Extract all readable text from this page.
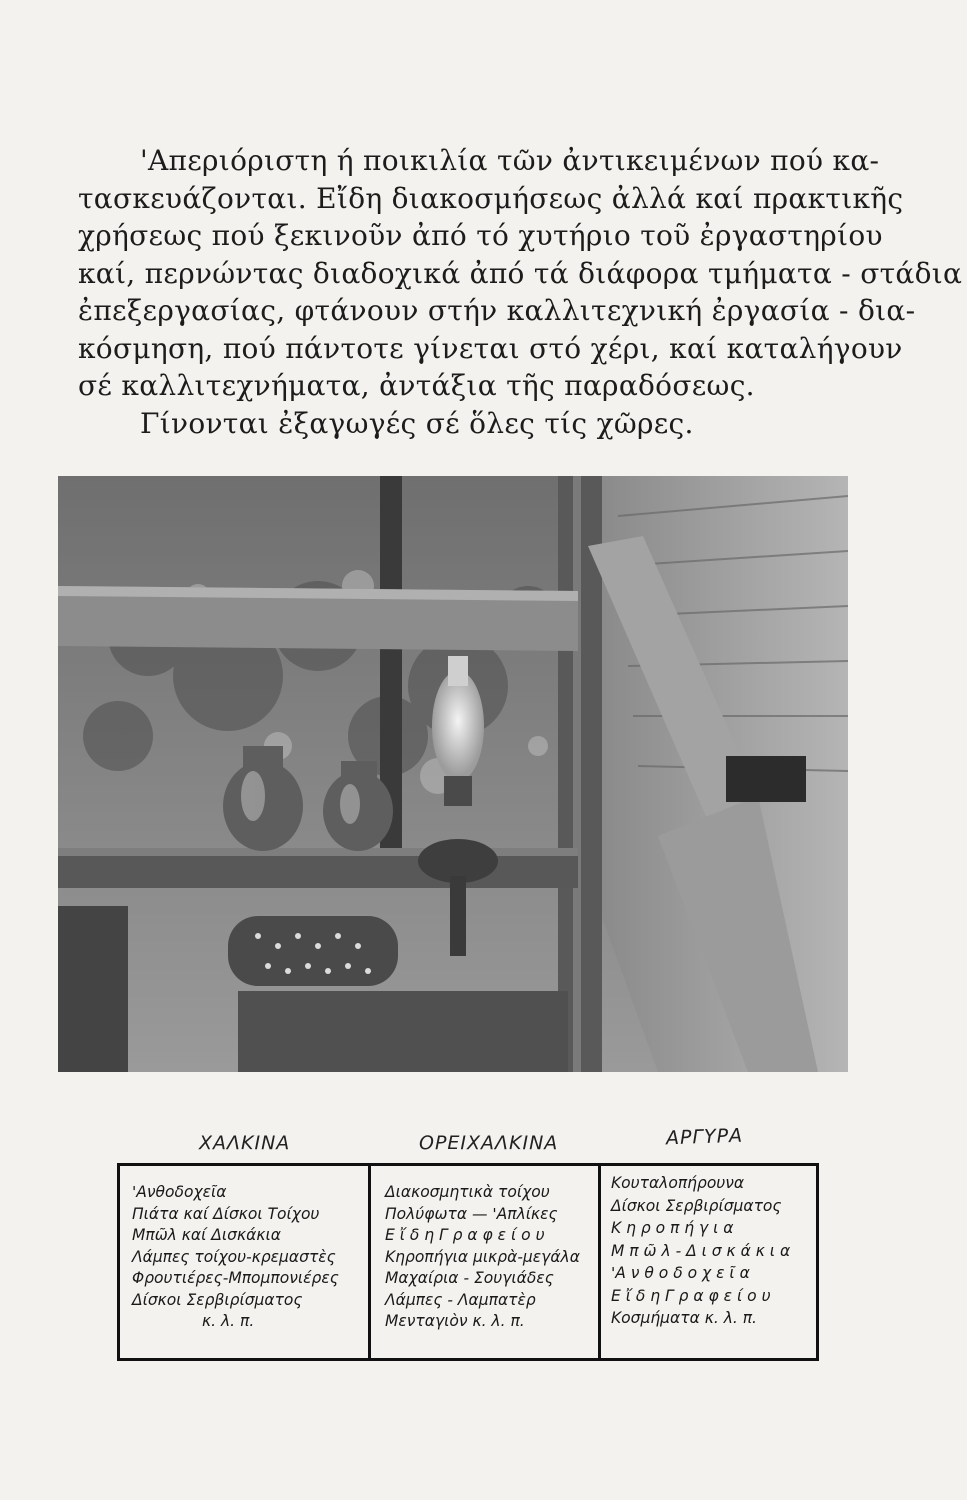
'Απεριόριστη ή ποικιλία τῶν ἀντικειμένων πού κα-
τασκευάζονται. Εἴδη διακοσμήσεως ἀλλά καί πρακτικῆς
χρήσεως πού ξεκινοῦν ἀπό τό χυτήριο τοῦ ἐργαστηρίου
καί, περνώντας διαδοχικά ἀπό τά διάφορα τμήματα - στάδια
ἐπεξεργασίας, φτάνουν στήν καλλιτεχνική ἐργασία - δια-
κόσμηση, πού πάντοτε γίνεται στό χέρι, καί καταλήγουν
σέ καλλιτεχνήματα, ἀντάξια τῆς παραδόσεως.
Γίνονται ἐξαγωγές σέ ὅλες τίς χῶρες.
ΧΑΛΚΙΝΑ	ΟΡΕΙΧΑΛΚΙΝΑ	ΑΡΓΥΡΑ
'Ανθοδοχεῖα
Πιάτα καί Δίσκοι Τοίχου
Μπῶλ καί Δισκάκια
Λάμπες τοίχου-κρεμαστὲς
Φρουτιέρες-Μπομπονιέρες
Δίσκοι Σερβιρίσματος
κ. λ. π.
Διακοσμητικὰ τοίχου
Πολύφωτα — 'Απλίκες
Ε ἴ δ η Γ ρ α φ ε ί ο υ
Κηροπήγια μικρὰ-μεγάλα
Μαχαίρια - Σουγιάδες
Λάμπες - Λαμπατὲρ
Μενταγιὸν κ. λ. π.
Κουταλοπήρουνα
Δίσκοι Σερβιρίσματος
Κ η ρ ο π ή γ ι α
Μ π ῶ λ - Δ ι σ κ ά κ ι α
'Α ν θ ο δ ο χ ε ῖ α
Ε ἴ δ η Γ ρ α φ ε ί ο υ
Κοσμήματα κ. λ. π.
